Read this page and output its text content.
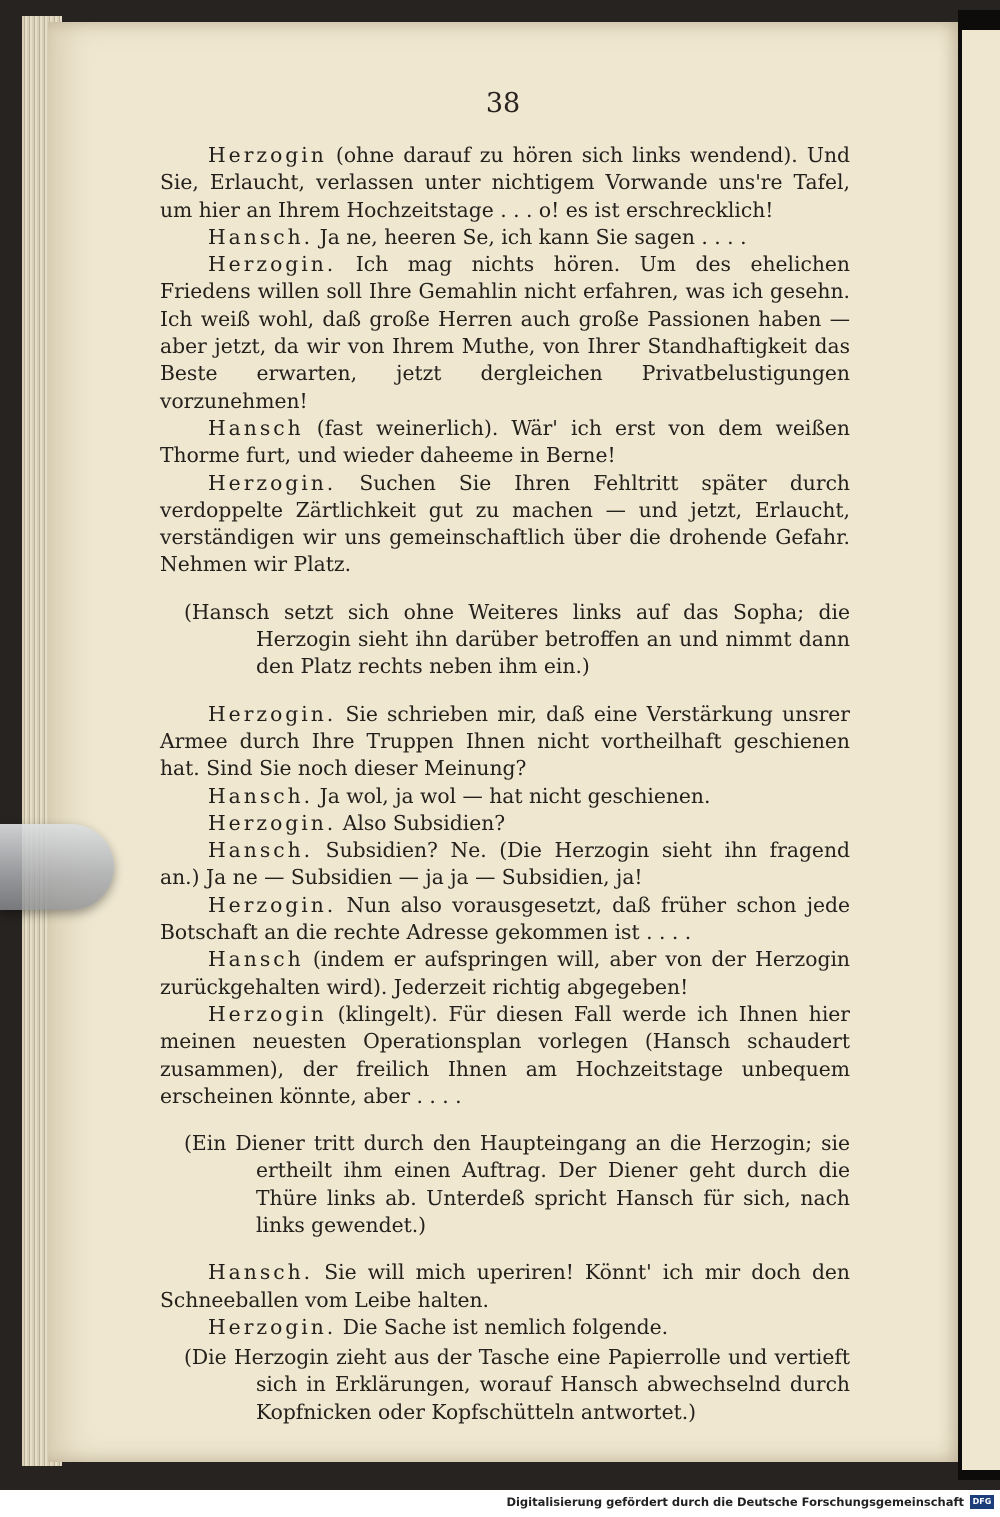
38

Herzogin (ohne darauf zu hören sich links wendend). Und Sie, Erlaucht, verlassen unter nichtigem Vorwande uns're Tafel, um hier an Ihrem Hochzeitstage . . . o! es ist erschrecklich!

Hansch. Ja ne, heeren Se, ich kann Sie sagen . . . .

Herzogin. Ich mag nichts hören. Um des ehelichen Friedens willen soll Ihre Gemahlin nicht erfahren, was ich gesehn. Ich weiß wohl, daß große Herren auch große Passionen haben — aber jetzt, da wir von Ihrem Muthe, von Ihrer Standhaftigkeit das Beste erwarten, jetzt dergleichen Privatbelustigungen vorzunehmen!

Hansch (fast weinerlich). Wär' ich erst von dem weißen Thorme furt, und wieder daheeme in Berne!

Herzogin. Suchen Sie Ihren Fehltritt später durch verdoppelte Zärtlichkeit gut zu machen — und jetzt, Erlaucht, verständigen wir uns gemeinschaftlich über die drohende Gefahr. Nehmen wir Platz.

(Hansch setzt sich ohne Weiteres links auf das Sopha; die Herzogin sieht ihn darüber betroffen an und nimmt dann den Platz rechts neben ihm ein.)

Herzogin. Sie schrieben mir, daß eine Verstärkung unsrer Armee durch Ihre Truppen Ihnen nicht vortheilhaft geschienen hat. Sind Sie noch dieser Meinung?

Hansch. Ja wol, ja wol — hat nicht geschienen.

Herzogin. Also Subsidien?

Hansch. Subsidien? Ne. (Die Herzogin sieht ihn fragend an.) Ja ne — Subsidien — ja ja — Subsidien, ja!

Herzogin. Nun also vorausgesetzt, daß früher schon jede Botschaft an die rechte Adresse gekommen ist . . . .

Hansch (indem er aufspringen will, aber von der Herzogin zurückgehalten wird). Jederzeit richtig abgegeben!

Herzogin (klingelt). Für diesen Fall werde ich Ihnen hier meinen neuesten Operationsplan vorlegen (Hansch schaudert zusammen), der freilich Ihnen am Hochzeitstage unbequem erscheinen könnte, aber . . . .

(Ein Diener tritt durch den Haupteingang an die Herzogin; sie ertheilt ihm einen Auftrag. Der Diener geht durch die Thüre links ab. Unterdeß spricht Hansch für sich, nach links gewendet.)

Hansch. Sie will mich uperiren! Könnt' ich mir doch den Schneeballen vom Leibe halten.

Herzogin. Die Sache ist nemlich folgende.

(Die Herzogin zieht aus der Tasche eine Papierrolle und vertieft sich in Erklärungen, worauf Hansch abwechselnd durch Kopfnicken oder Kopfschütteln antwortet.)

Digitalisierung gefördert durch die Deutsche Forschungsgemeinschaft	DFG
